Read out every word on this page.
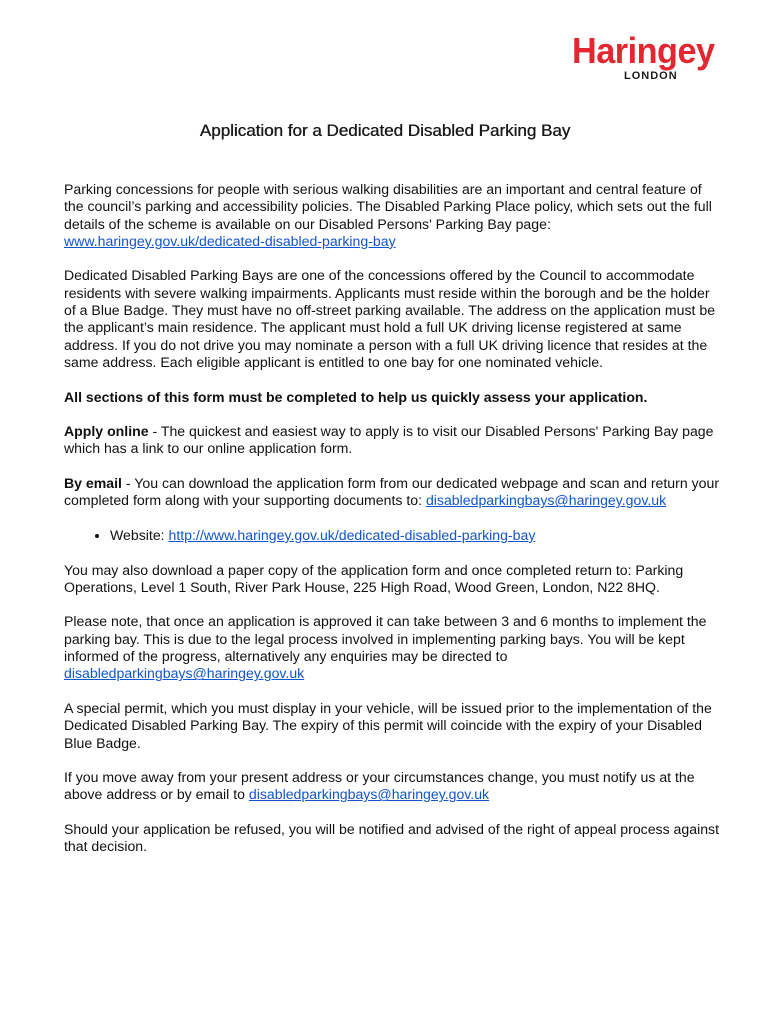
Haringey
LONDON
Application for a Dedicated Disabled Parking Bay

Parking concessions for people with serious walking disabilities are an important and central feature of the council’s parking and accessibility policies. The Disabled Parking Place policy, which sets out the full details of the scheme is available on our Disabled Persons' Parking Bay page: www.haringey.gov.uk/dedicated-disabled-parking-bay

Dedicated Disabled Parking Bays are one of the concessions offered by the Council to accommodate residents with severe walking impairments. Applicants must reside within the borough and be the holder of a Blue Badge. They must have no off-street parking available. The address on the application must be the applicant’s main residence. The applicant must hold a full UK driving license registered at same address. If you do not drive you may nominate a person with a full UK driving licence that resides at the same address. Each eligible applicant is entitled to one bay for one nominated vehicle.

All sections of this form must be completed to help us quickly assess your application.

Apply online - The quickest and easiest way to apply is to visit our Disabled Persons' Parking Bay page which has a link to our online application form.

By email - You can download the application form from our dedicated webpage and scan and return your completed form along with your supporting documents to: disabledparkingbays@haringey.gov.uk

• Website: http://www.haringey.gov.uk/dedicated-disabled-parking-bay

You may also download a paper copy of the application form and once completed return to: Parking Operations, Level 1 South, River Park House, 225 High Road, Wood Green, London, N22 8HQ.

Please note, that once an application is approved it can take between 3 and 6 months to implement the parking bay. This is due to the legal process involved in implementing parking bays. You will be kept informed of the progress, alternatively any enquiries may be directed to disabledparkingbays@haringey.gov.uk

A special permit, which you must display in your vehicle, will be issued prior to the implementation of the Dedicated Disabled Parking Bay. The expiry of this permit will coincide with the expiry of your Disabled Blue Badge.

If you move away from your present address or your circumstances change, you must notify us at the above address or by email to disabledparkingbays@haringey.gov.uk

Should your application be refused, you will be notified and advised of the right of appeal process against that decision.
